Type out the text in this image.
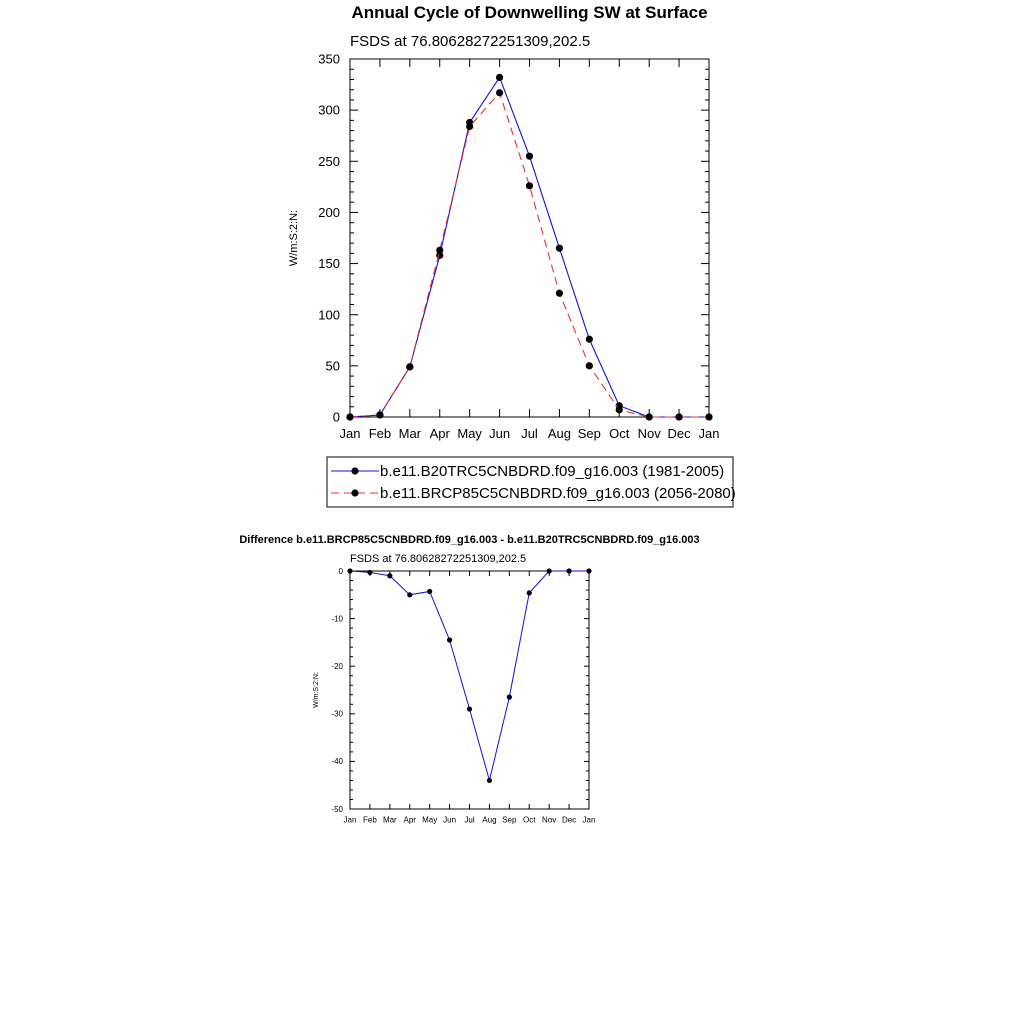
Annual Cycle of Downwelling SW at Surface
FSDS at 76.80628272251309,202.5
Jan Feb Mar Apr May Jun Jul Aug Sep Oct Nov Dec Jan
0
50
100
150
200
250
300
350
W/m:S:2:N:
b.e11.B20TRC5CNBDRD.f09_g16.003 (1981-2005)
b.e11.BRCP85C5CNBDRD.f09_g16.003 (2056-2080)
Difference b.e11.BRCP85C5CNBDRD.f09_g16.003 - b.e11.B20TRC5CNBDRD.f09_g16.003
FSDS at 76.80628272251309,202.5
Jan Feb Mar Apr May Jun Jul Aug Sep Oct Nov Dec Jan
0
-10
-20
-30
-40
-50
W/m:S:2:N:
